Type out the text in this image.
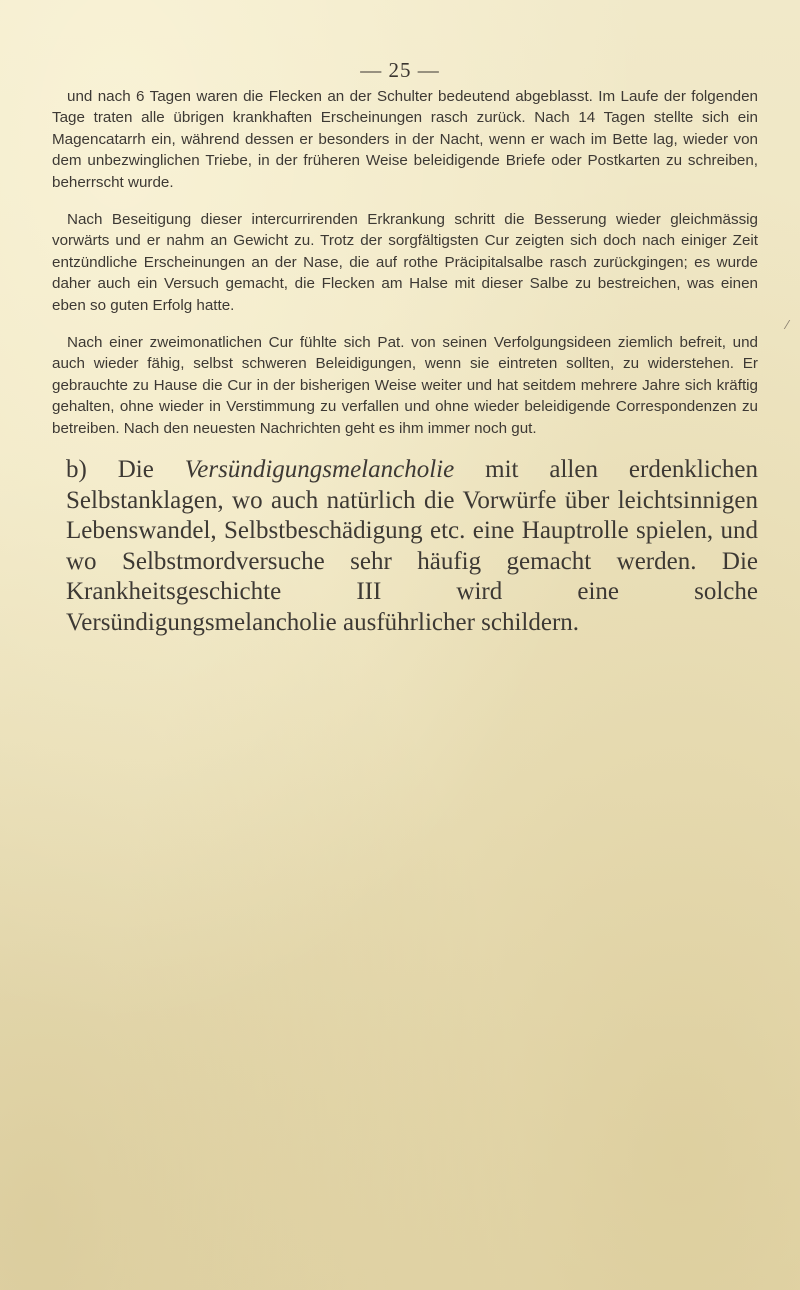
— 25 —

und nach 6 Tagen waren die Flecken an der Schulter bedeutend abgeblasst. Im Laufe der folgenden Tage traten alle übrigen krankhaften Erscheinungen rasch zurück. Nach 14 Tagen stellte sich ein Magencatarrh ein, während dessen er besonders in der Nacht, wenn er wach im Bette lag, wieder von dem unbezwinglichen Triebe, in der früheren Weise beleidigende Briefe oder Postkarten zu schreiben, beherrscht wurde.

Nach Beseitigung dieser intercurrirenden Erkrankung schritt die Besserung wieder gleichmässig vorwärts und er nahm an Gewicht zu. Trotz der sorgfältigsten Cur zeigten sich doch nach einiger Zeit entzündliche Erscheinungen an der Nase, die auf rothe Präcipitalsalbe rasch zurückgingen; es wurde daher auch ein Versuch gemacht, die Flecken am Halse mit dieser Salbe zu bestreichen, was einen eben so guten Erfolg hatte.

Nach einer zweimonatlichen Cur fühlte sich Pat. von seinen Verfolgungsideen ziemlich befreit, und auch wieder fähig, selbst schweren Beleidigungen, wenn sie eintreten sollten, zu widerstehen. Er gebrauchte zu Hause die Cur in der bisherigen Weise weiter und hat seitdem mehrere Jahre sich kräftig gehalten, ohne wieder in Verstimmung zu verfallen und ohne wieder beleidigende Correspondenzen zu betreiben. Nach den neuesten Nachrichten geht es ihm immer noch gut.

b) Die Versündigungsmelancholie mit allen erdenklichen Selbstanklagen, wo auch natürlich die Vorwürfe über leichtsinnigen Lebenswandel, Selbstbeschädigung etc. eine Hauptrolle spielen, und wo Selbstmordversuche sehr häufig gemacht werden. Die Krankheitsgeschichte III wird eine solche Versündigungsmelancholie ausführlicher schildern.

⁄
